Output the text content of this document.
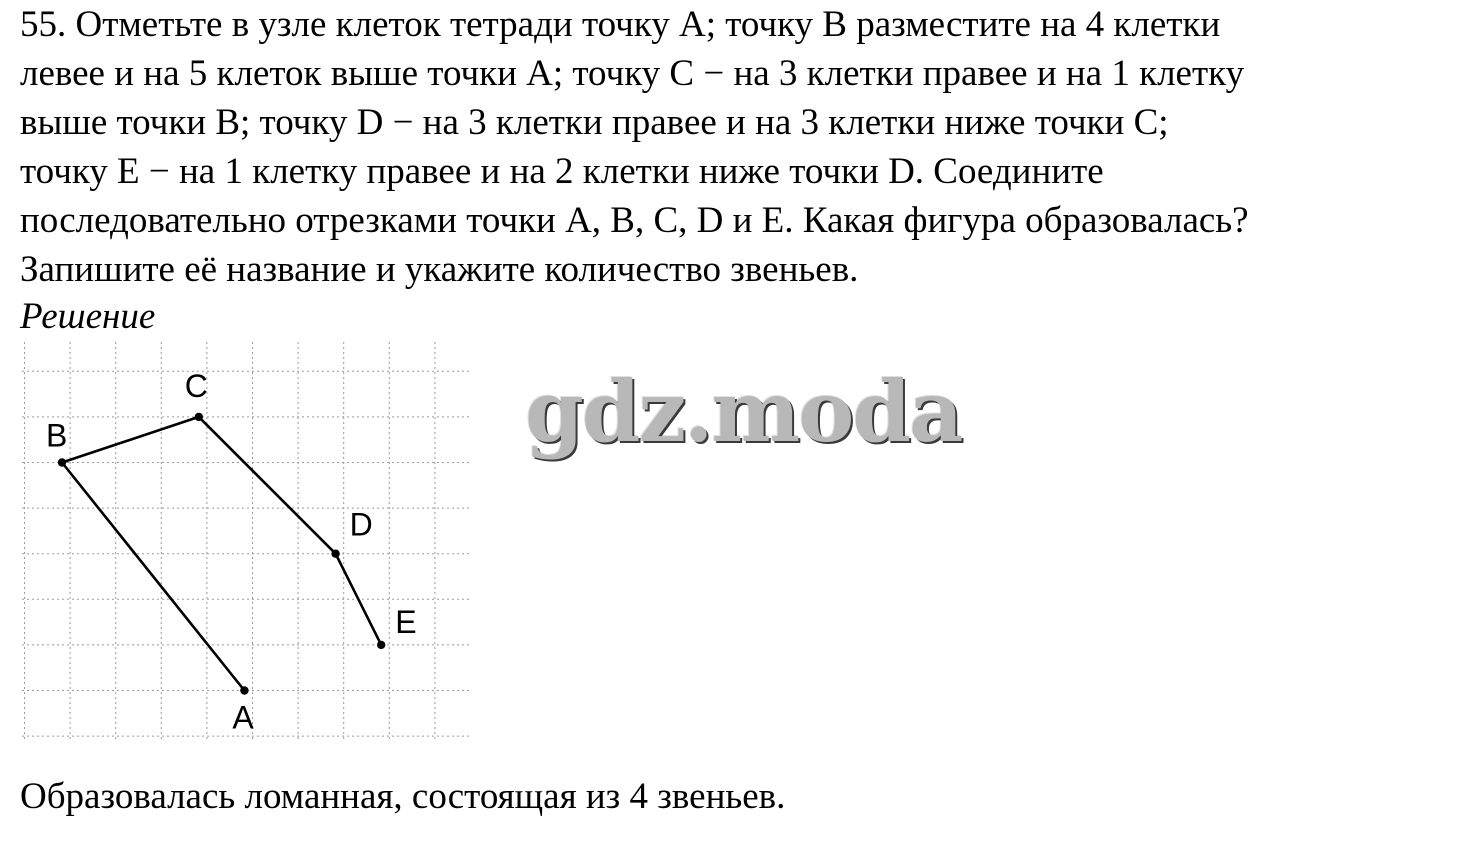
55. Отметьте в узле клеток тетради точку A; точку B разместите на 4 клетки
левее и на 5 клеток выше точки A; точку C − на 3 клетки правее и на 1 клетку
выше точки B; точку D − на 3 клетки правее и на 3 клетки ниже точки C;
точку E − на 1 клетку правее и на 2 клетки ниже точки D. Соедините
последовательно отрезками точки A, B, C, D и E. Какая фигура образовалась?
Запишите её название и укажите количество звеньев.
Решение
A
B
C
D
E
gdz.moda
Образовалась ломанная, состоящая из 4 звеньев.
